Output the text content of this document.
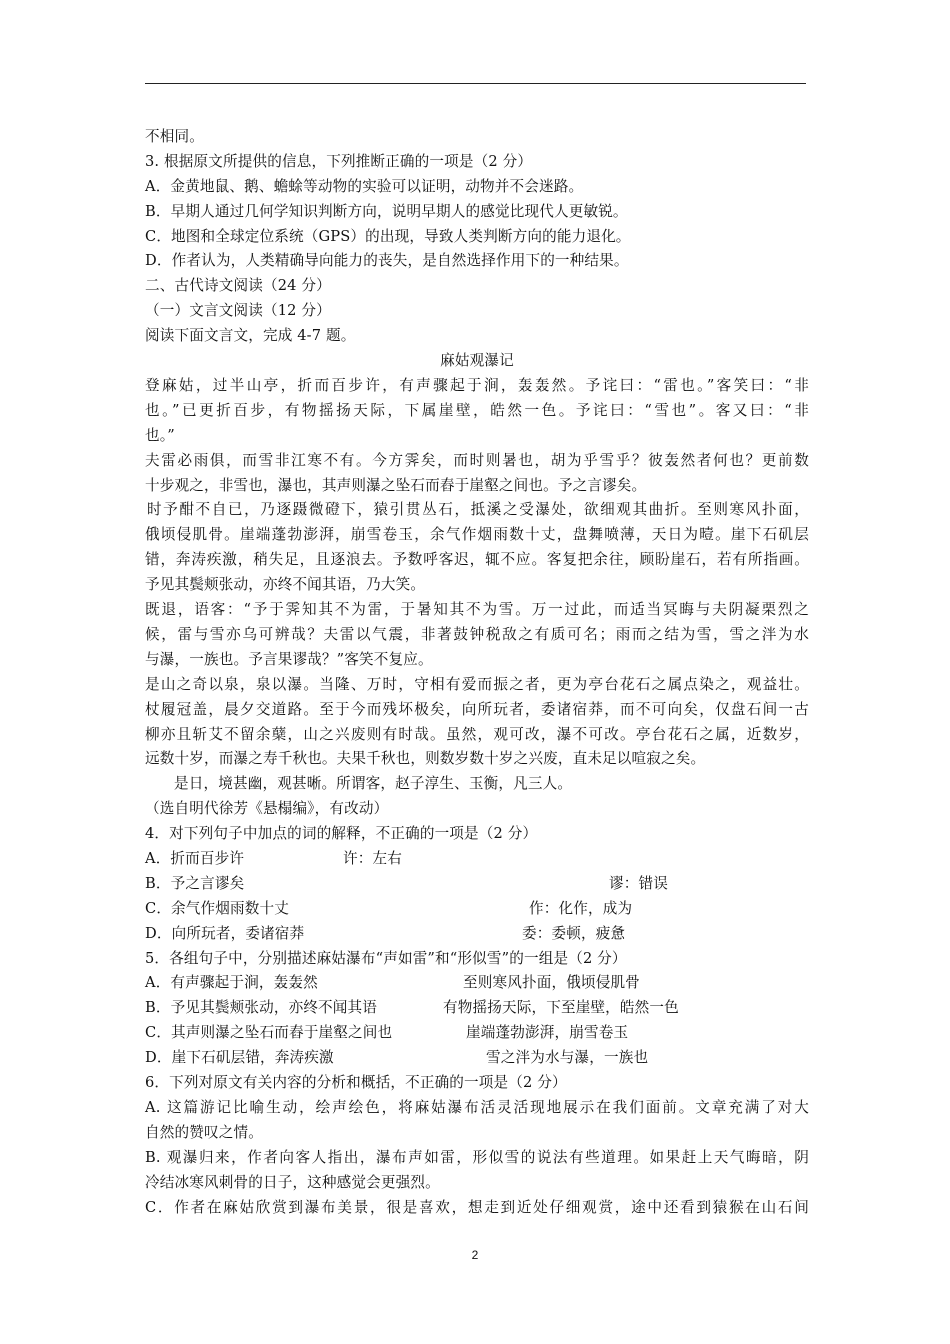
不相同。
3. 根据原文所提供的信息，下列推断正确的一项是（2 分）
A．金黄地鼠、鹅、蟾蜍等动物的实验可以证明，动物并不会迷路。
B．早期人通过几何学知识判断方向，说明早期人的感觉比现代人更敏锐。
C．地图和全球定位系统（GPS）的出现，导致人类判断方向的能力退化。
D．作者认为，人类精确导向能力的丧失，是自然选择作用下的一种结果。
二、古代诗文阅读（24 分）
（一）文言文阅读（12 分）
阅读下面文言文，完成 4-7 题。
麻姑观瀑记
登麻姑，过半山亭，折而百步许，有声骤起于涧，轰轰然。予诧曰：“雷也。”客笑曰：“非
也。”已更折百步，有物摇扬天际，下属崖壁，皓然一色。予诧曰：“雪也”。客又曰：“非
也。”
夫雷必雨俱，而雪非江寒不有。今方霁矣，而时则暑也，胡为乎雪乎？彼轰然者何也？更前数
十步观之，非雪也，瀑也，其声则瀑之坠石而舂于崖壑之间也。予之言谬矣。
时予酣不自已，乃逐蹑微磴下，猿引贯丛石，抵溪之受瀑处，欲细观其曲折。至则寒风扑面，
俄顷侵肌骨。崖端蓬勃澎湃，崩雪卷玉，余气作烟雨数十丈，盘舞喷薄，天日为曀。崖下石矶层
错，奔涛疾激，稍失足，且逐浪去。予数呼客迟，辄不应。客复把余往，顾盼崖石，若有所指画。
予见其鬓颊张动，亦终不闻其语，乃大笑。
既退，语客：“予于霁知其不为雷，于暑知其不为雪。万一过此，而适当冥晦与夫阴凝栗烈之
候，雷与雪亦乌可辨哉？夫雷以气震，非著鼓钟税敌之有质可名；雨而之结为雪，雪之泮为水
与瀑，一族也。予言果谬哉？”客笑不复应。
是山之奇以泉，泉以瀑。当隆、万时，守相有爱而振之者，更为亭台花石之属点染之，观益壮。
杖履冠盖，晨夕交道路。至于今而残坏极矣，向所玩者，委诸宿莽，而不可向矣，仅盘石间一古
柳亦且斩艾不留余蘖，山之兴废则有时哉。虽然，观可改，瀑不可改。亭台花石之属，近数岁，
远数十岁，而瀑之寿千秋也。夫果千秋也，则数岁数十岁之兴废，直未足以喧寂之矣。
是日，境甚幽，观甚晰。所谓客，赵子淳生、玉衡，凡三人。
（选自明代徐芳《悬榻编》，有改动）
4．对下列句子中加点的词的解释，不正确的一项是（2 分）
A．折而百步许	许：左右
B．予之言谬矣	谬：错误
C．余气作烟雨数十丈	作：化作，成为
D．向所玩者，委诸宿莽	委：委顿，疲惫
5．各组句子中，分别描述麻姑瀑布“声如雷”和“形似雪”的一组是（2 分）
A．有声骤起于涧，轰轰然	至则寒风扑面，俄顷侵肌骨
B．予见其鬓颊张动，亦终不闻其语	有物摇扬天际，下至崖壁，皓然一色
C．其声则瀑之坠石而舂于崖壑之间也	崖端蓬勃澎湃，崩雪卷玉
D．崖下石矶层错，奔涛疾激	雪之泮为水与瀑，一族也
6．下列对原文有关内容的分析和概括，不正确的一项是（2 分）
A. 这篇游记比喻生动，绘声绘色，将麻姑瀑布活灵活现地展示在我们面前。文章充满了对大
自然的赞叹之情。
B. 观瀑归来，作者向客人指出，瀑布声如雷，形似雪的说法有些道理。如果赶上天气晦暗，阴
冷结冰寒风刺骨的日子，这种感觉会更强烈。
C．作者在麻姑欣赏到瀑布美景，很是喜欢，想走到近处仔细观赏，途中还看到猿猴在山石间
2
